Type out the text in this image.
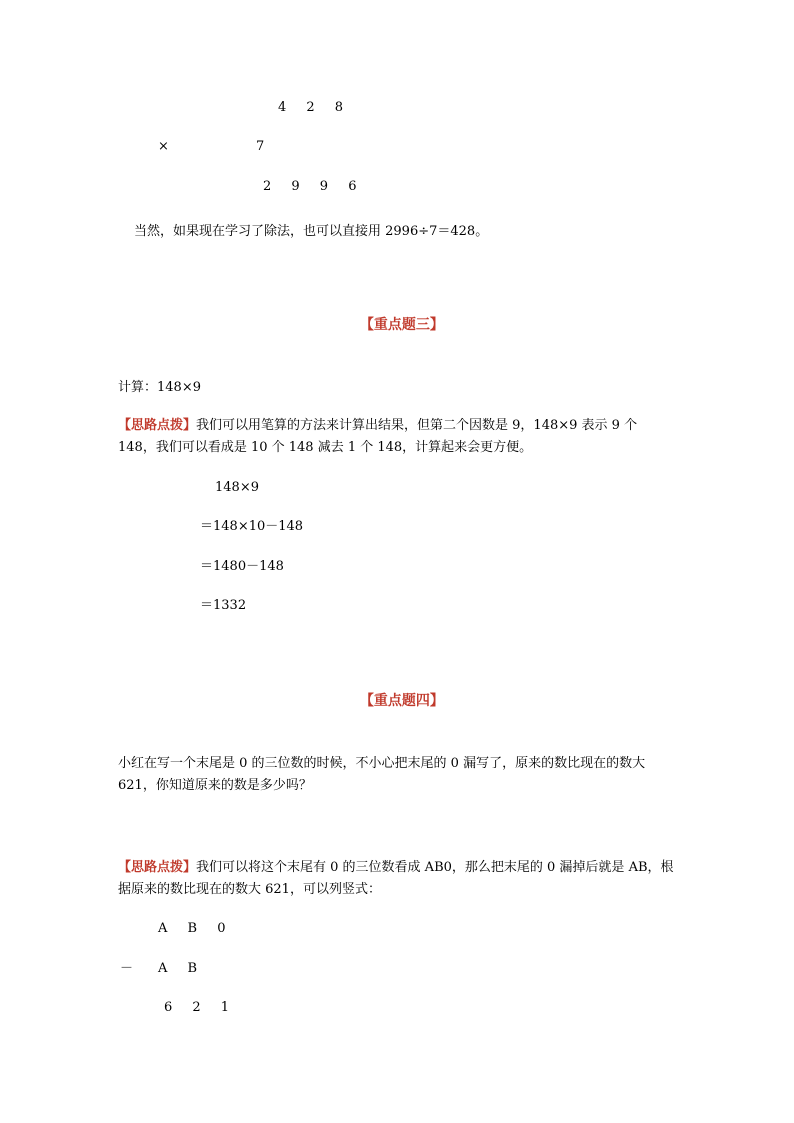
4 2 8
×	7
2 9 9 6
当然，如果现在学习了除法，也可以直接用 2996÷7＝428。

【重点题三】

计算：148×9
【思路点拨】我们可以用笔算的方法来计算出结果，但第二个因数是 9，148×9 表示 9 个 148，我们可以看成是 10 个 148 减去 1 个 148，计算起来会更方便。
148×9
＝148×10－148
＝1480－148
＝1332

【重点题四】

小红在写一个末尾是 0 的三位数的时候，不小心把末尾的 0 漏写了，原来的数比现在的数大 621，你知道原来的数是多少吗？
【思路点拨】我们可以将这个末尾有 0 的三位数看成 AB0，那么把末尾的 0 漏掉后就是 AB，根据原来的数比现在的数大 621，可以列竖式：
A B 0
－ A B
6 2 1
